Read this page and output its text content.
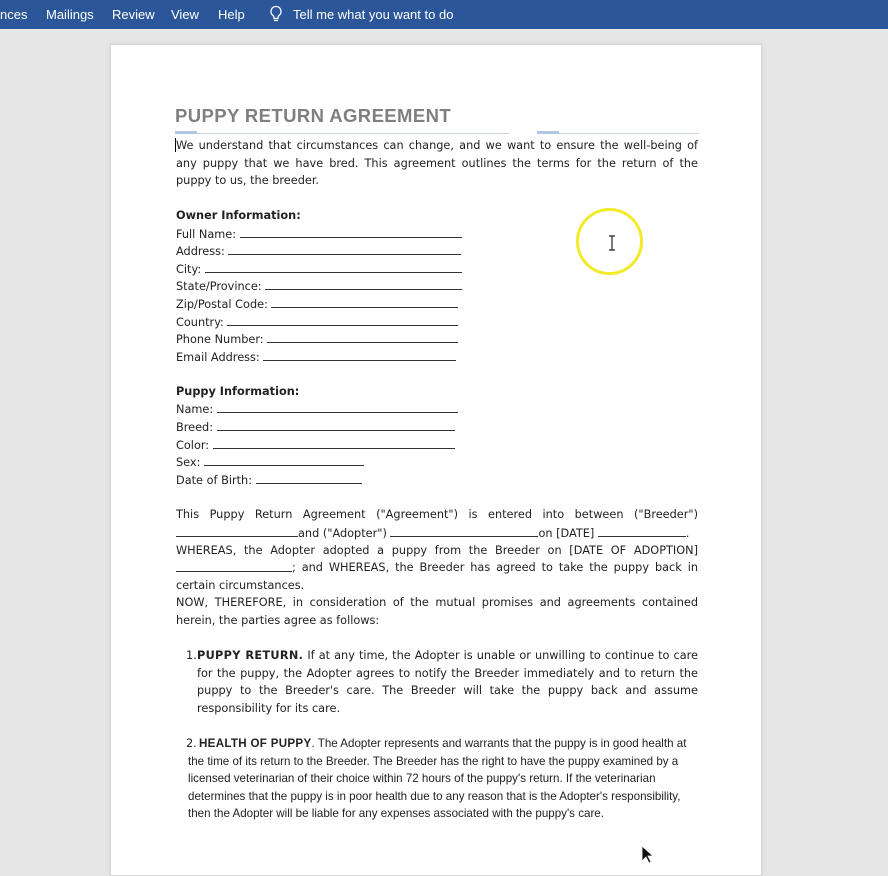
nces Mailings Review View Help	Tell me what you want to do
PUPPY RETURN AGREEMENT
We understand that circumstances can change, and we want to ensure the well-being of any puppy that we have bred. This agreement outlines the terms for the return of the puppy to us, the breeder.
Owner Information:
Full Name:
Address:
City:
State/Province:
Zip/Postal Code:
Country:
Phone Number:
Email Address:
Puppy Information:
Name:
Breed:
Color:
Sex:
Date of Birth:
This Puppy Return Agreement ("Agreement") is entered into between ("Breeder")
and ("Adopter")	on [DATE]	.
WHEREAS, the Adopter adopted a puppy from the Breeder on [DATE OF ADOPTION]
; and WHEREAS, the Breeder has agreed to take the puppy back in
certain circumstances.
NOW, THEREFORE, in consideration of the mutual promises and agreements contained herein, the parties agree as follows:
1. PUPPY RETURN. If at any time, the Adopter is unable or unwilling to continue to care for the puppy, the Adopter agrees to notify the Breeder immediately and to return the puppy to the Breeder's care. The Breeder will take the puppy back and assume responsibility for its care.
2. HEALTH OF PUPPY. The Adopter represents and warrants that the puppy is in good health at the time of its return to the Breeder. The Breeder has the right to have the puppy examined by a licensed veterinarian of their choice within 72 hours of the puppy's return. If the veterinarian determines that the puppy is in poor health due to any reason that is the Adopter's responsibility, then the Adopter will be liable for any expenses associated with the puppy's care.
